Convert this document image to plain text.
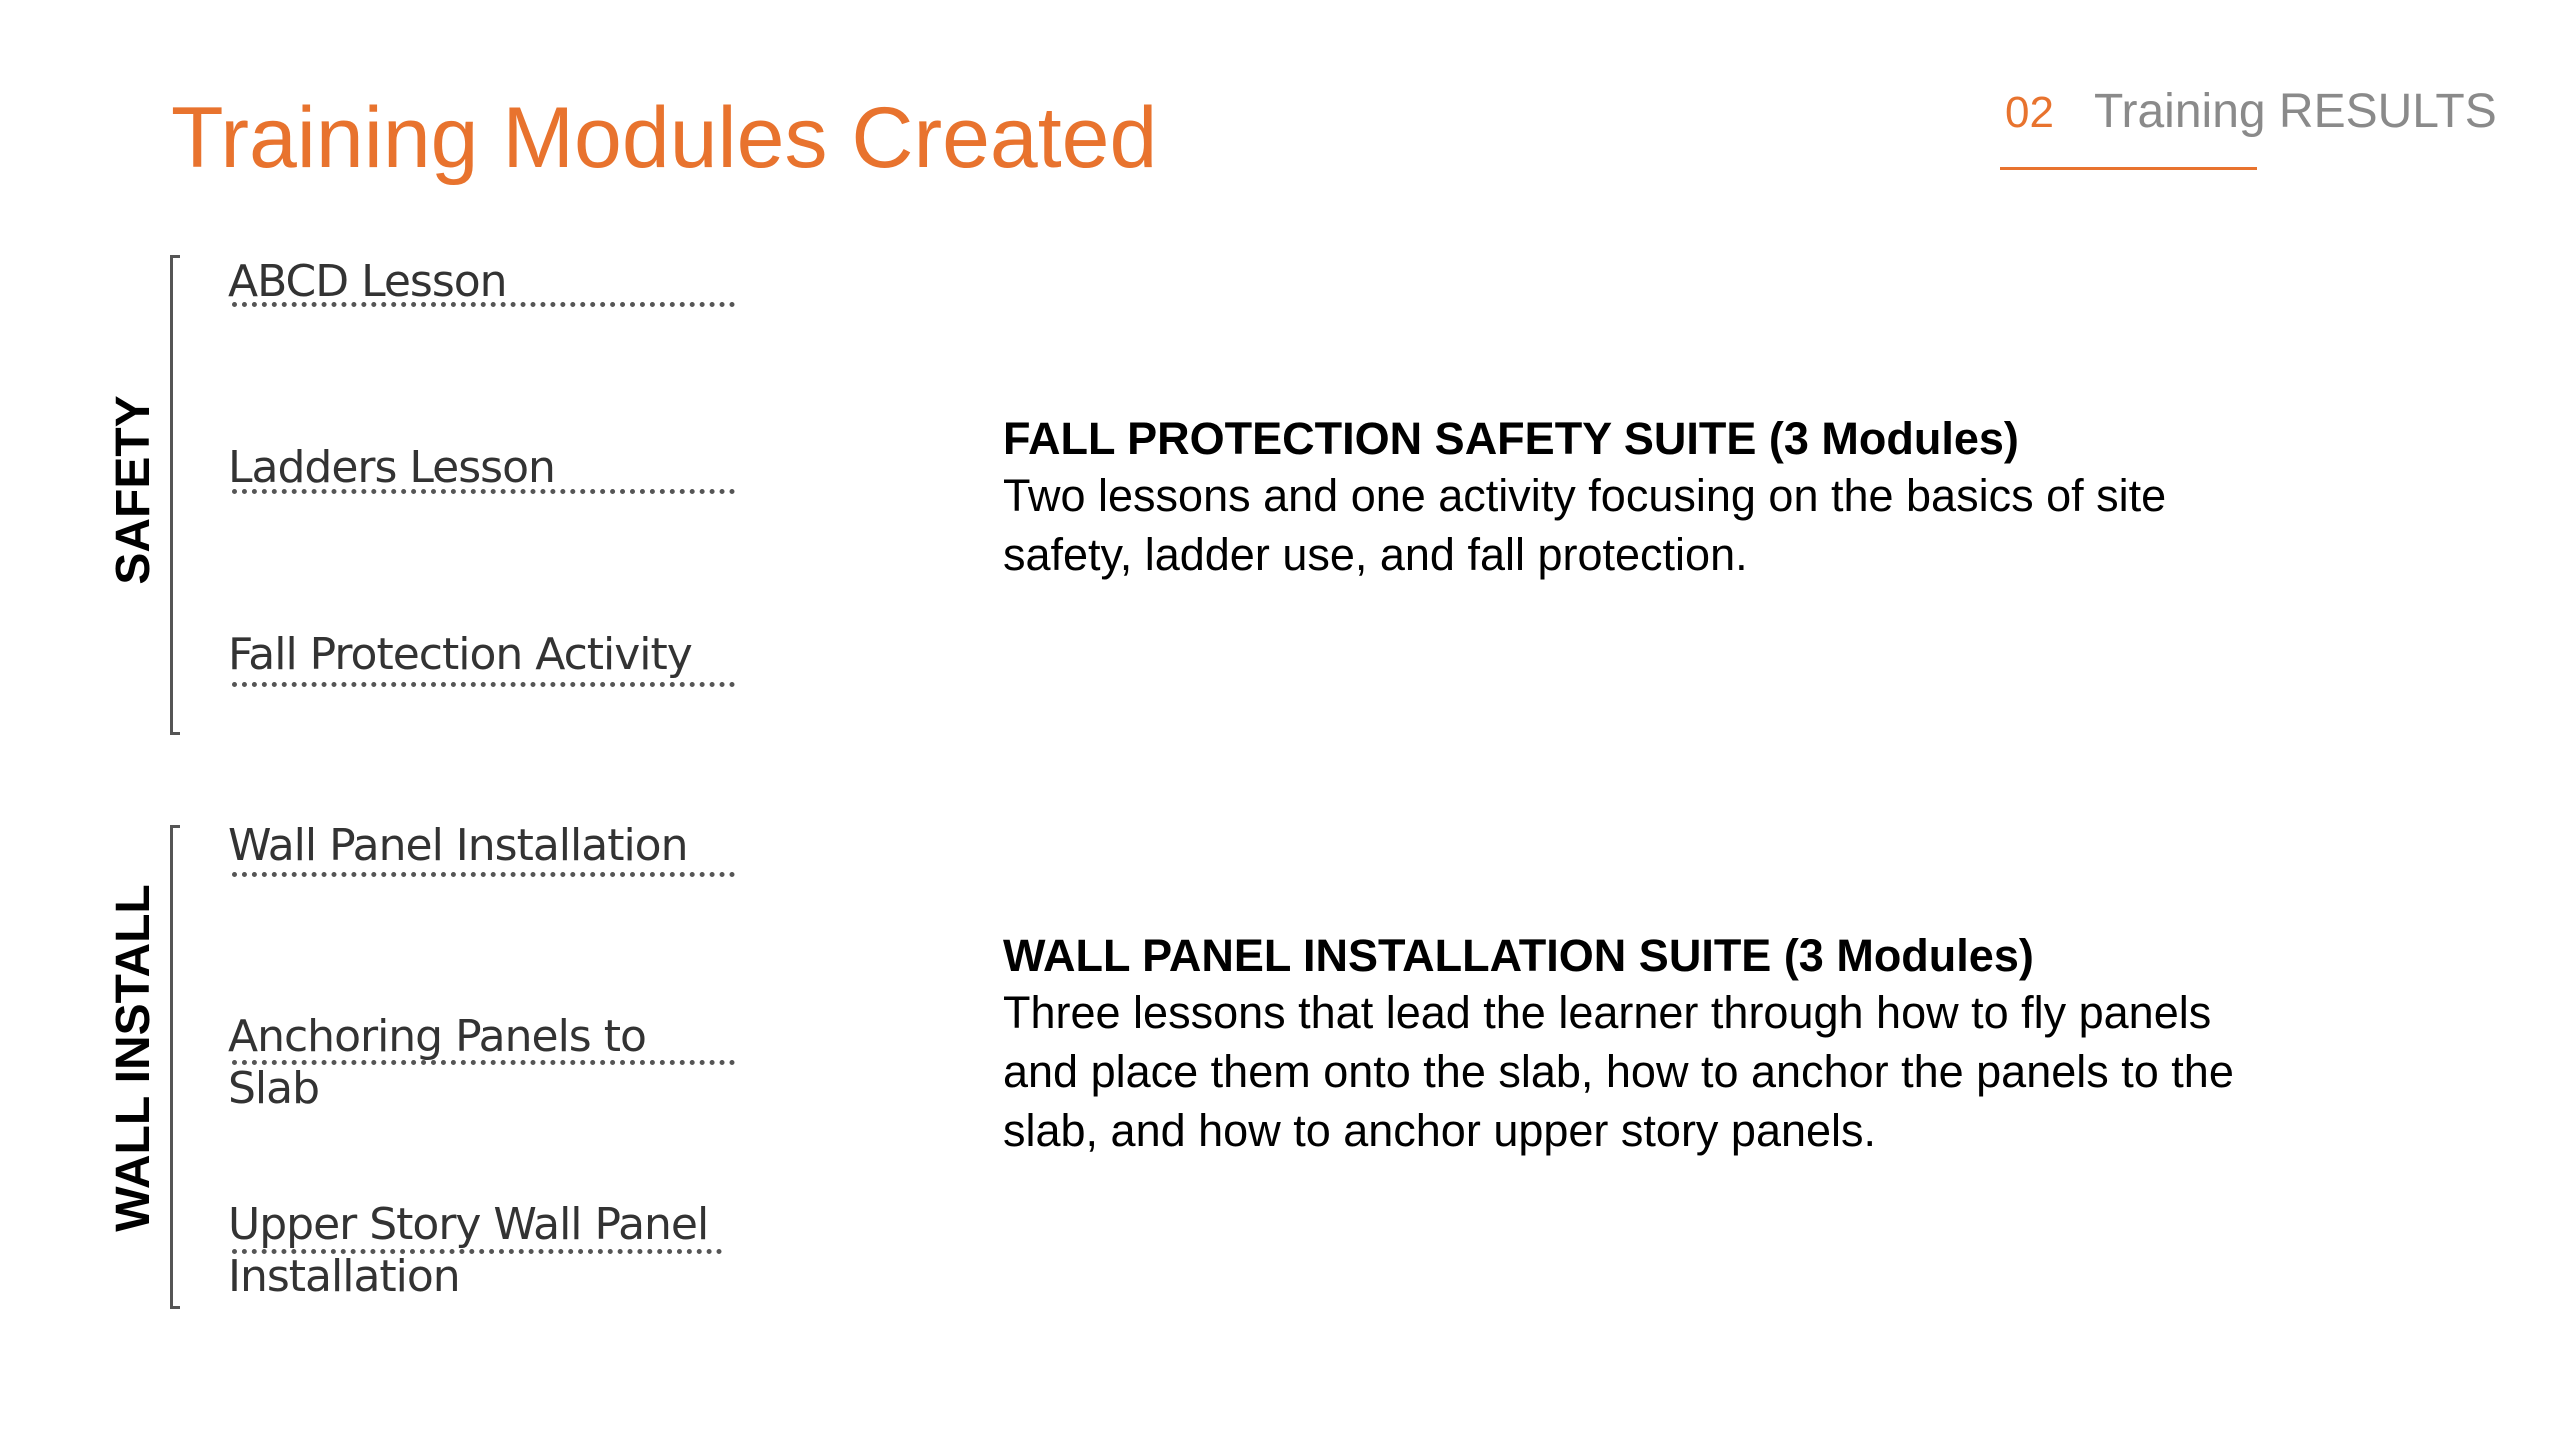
Training Modules Created	02 Training RESULTS
SAFETY
ABCD Lesson
Ladders Lesson
Fall Protection Activity
FALL PROTECTION SAFETY SUITE (3 Modules)
Two lessons and one activity focusing on the basics of site safety, ladder use, and fall protection.
WALL INSTALL
Wall Panel Installation
Anchoring Panels to Slab
Upper Story Wall Panel Installation
WALL PANEL INSTALLATION SUITE (3 Modules)
Three lessons that lead the learner through how to fly panels and place them onto the slab, how to anchor the panels to the slab, and how to anchor upper story panels.
